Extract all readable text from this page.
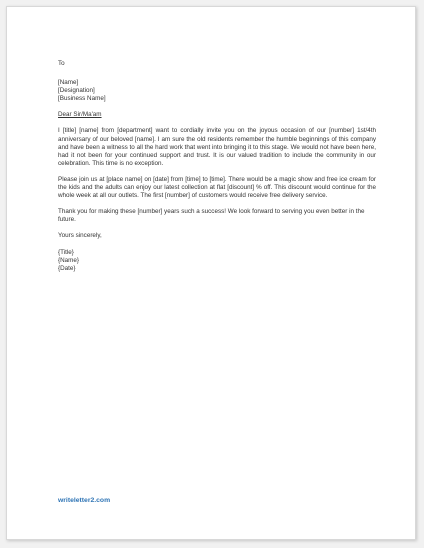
To

[Name]
[Designation]
[Business Name]

Dear Sir/Ma'am

I [title] [name] from [department] want to cordially invite you on the joyous occasion of our [number] 1st/4th anniversary of our beloved [name]. I am sure the old residents remember the humble beginnings of this company and have been a witness to all the hard work that went into bringing it to this stage. We would not have been here, had it not been for your continued support and trust. It is our valued tradition to include the community in our celebration. This time is no exception.

Please join us at [place name] on [date] from [time] to [time]. There would be a magic show and free ice cream for the kids and the adults can enjoy our latest collection at flat [discount] % off. This discount would continue for the whole week at all our outlets. The first [number] of customers would receive free delivery service.

Thank you for making these [number] years such a success! We look forward to serving you even better in the future.

Yours sincerely,

{Title}
{Name}
{Date}
writeletter2.com
